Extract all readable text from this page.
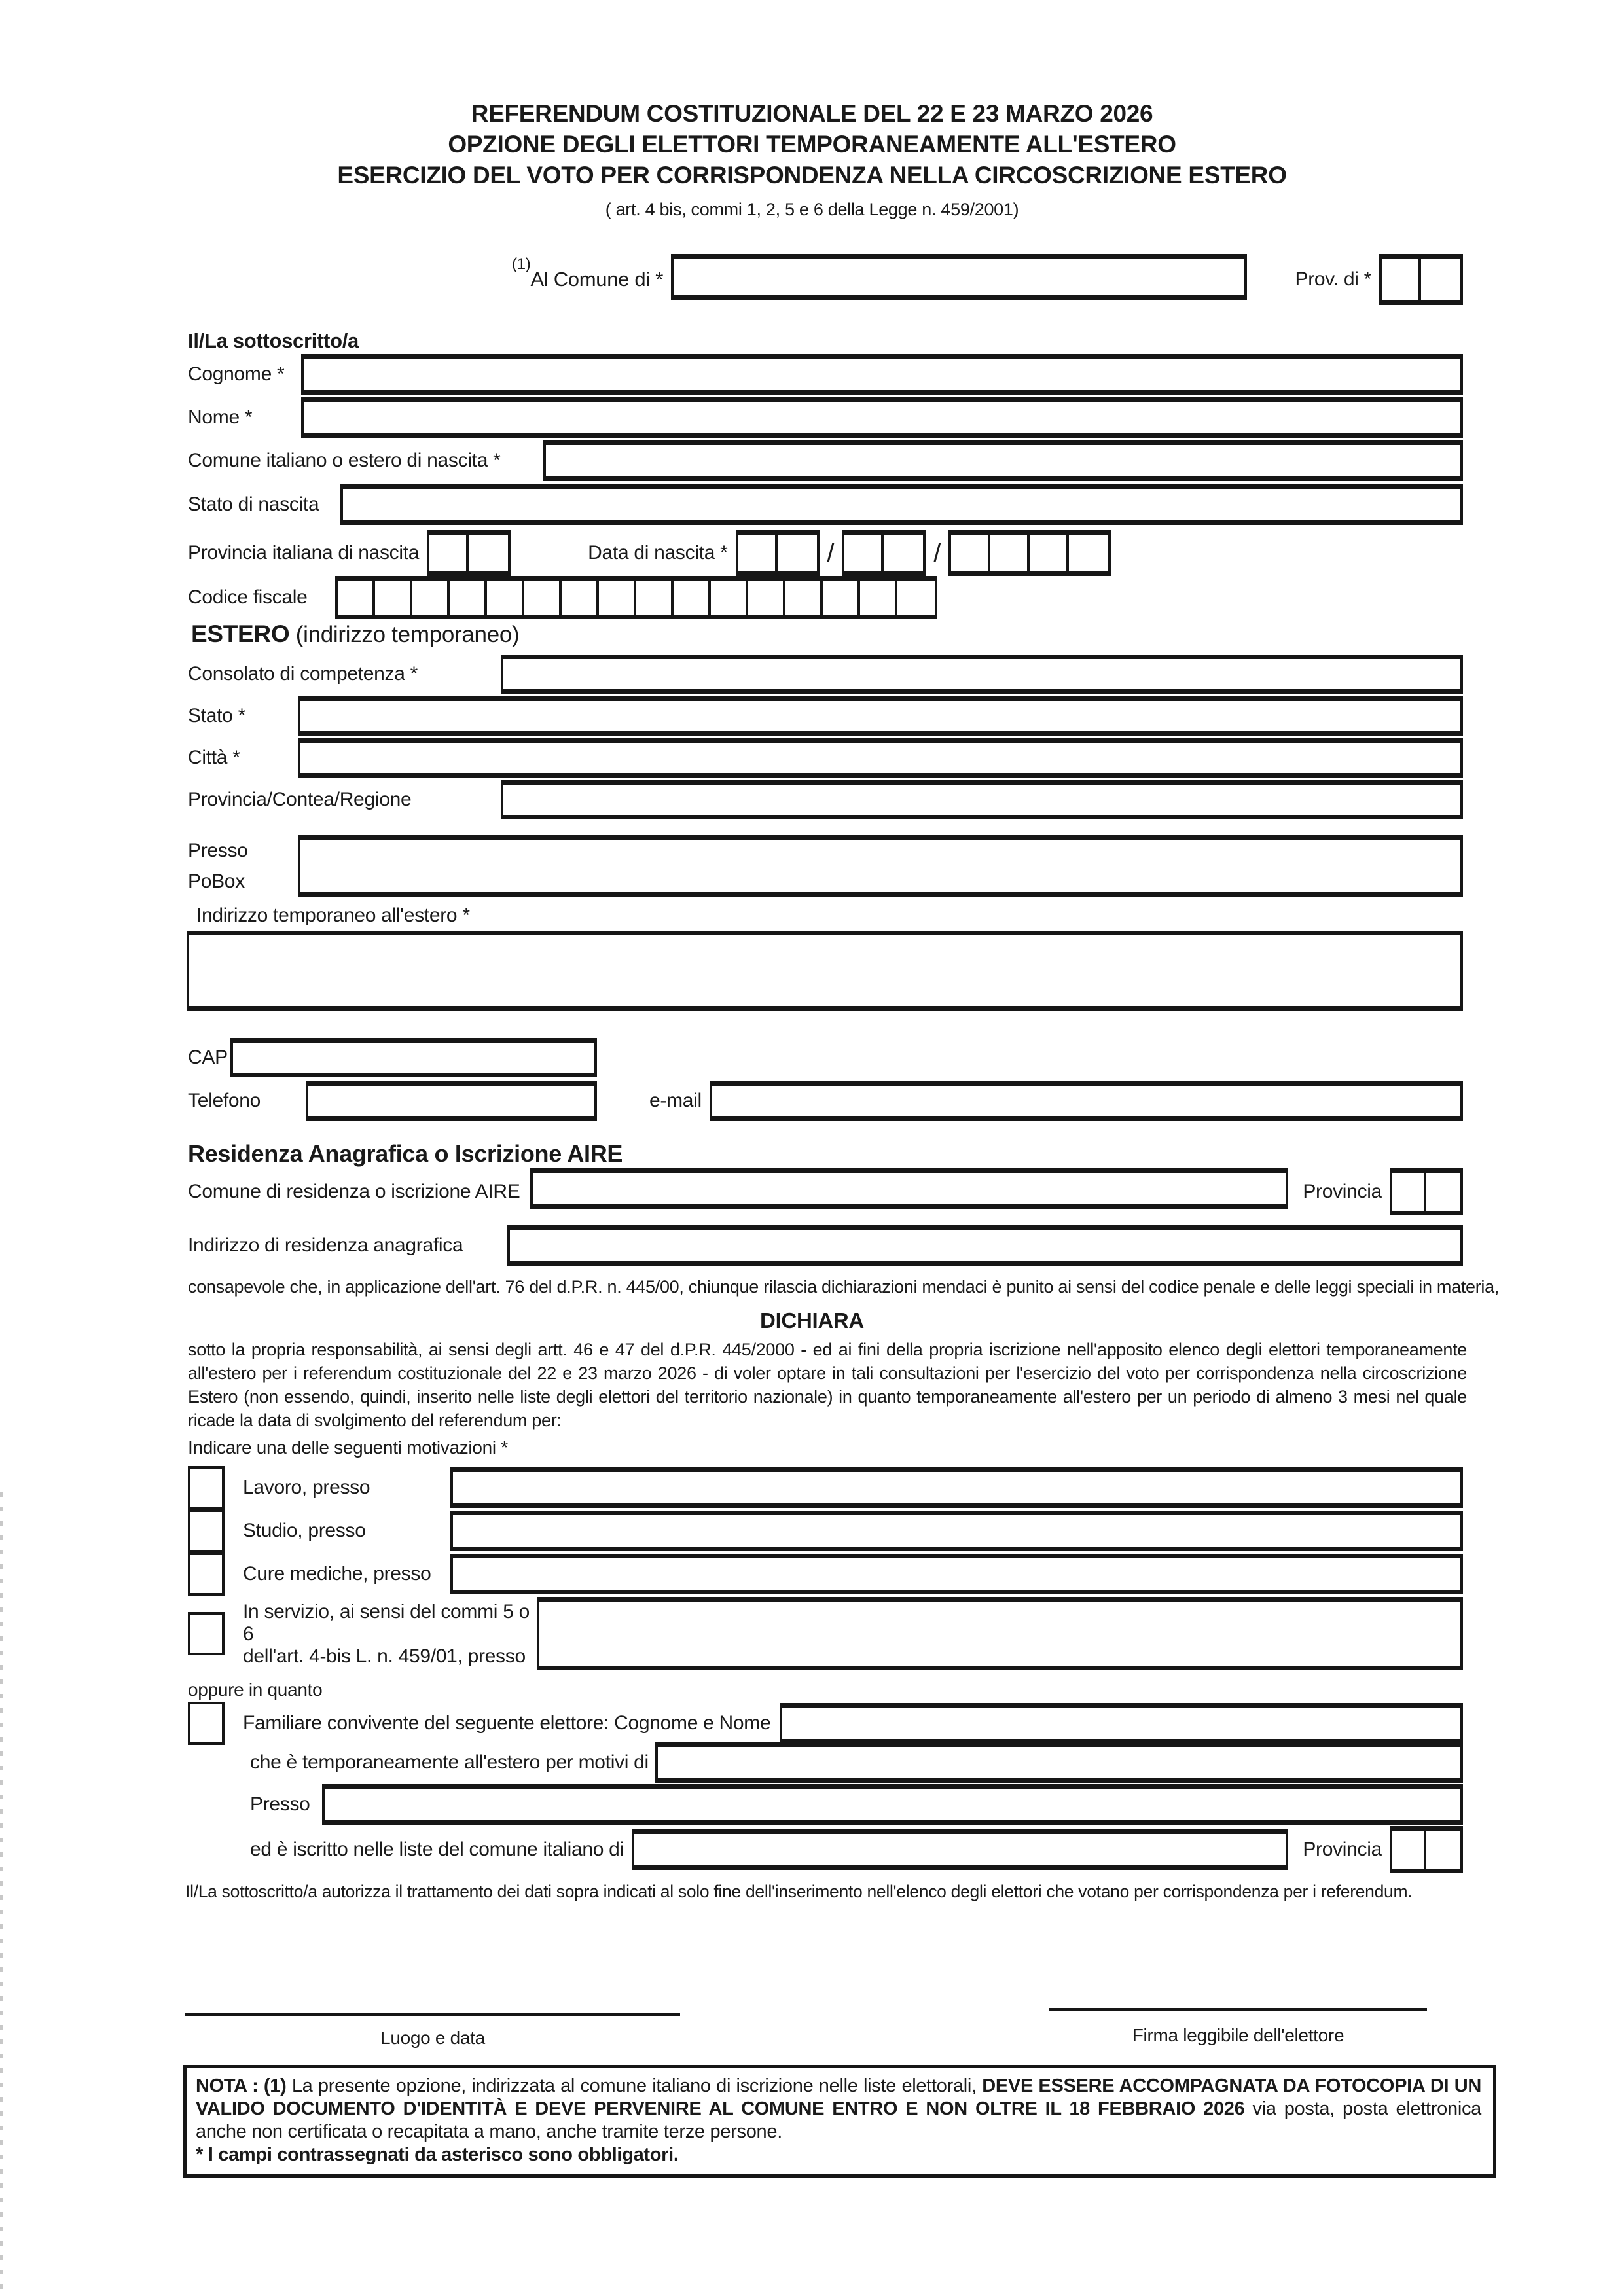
REFERENDUM COSTITUZIONALE DEL 22 E 23 MARZO 2026
OPZIONE DEGLI ELETTORI TEMPORANEAMENTE ALL'ESTERO
ESERCIZIO DEL VOTO PER CORRISPONDENZA NELLA CIRCOSCRIZIONE ESTERO
( art. 4 bis, commi 1, 2, 5 e 6 della Legge n. 459/2001)
(1)
Al Comune di *	Prov. di *
Il/La sottoscritto/a
Cognome *
Nome *
Comune italiano o estero di nascita *
Stato di nascita
Provincia italiana di nascita	Data di nascita *	/	/
Codice fiscale
ESTERO (indirizzo temporaneo)
Consolato di competenza *
Stato *
Città *
Provincia/Contea/Regione
Presso
PoBox
Indirizzo temporaneo all'estero *
CAP
Telefono	e-mail
Residenza Anagrafica o Iscrizione AIRE
Comune di residenza o iscrizione AIRE	Provincia
Indirizzo di residenza anagrafica
consapevole che, in applicazione dell'art. 76 del d.P.R. n. 445/00, chiunque rilascia dichiarazioni mendaci è punito ai sensi del codice penale e delle leggi speciali in materia,
DICHIARA
sotto la propria responsabilità, ai sensi degli artt. 46 e 47 del d.P.R. 445/2000 - ed ai fini della propria iscrizione nell'apposito elenco degli elettori temporaneamente all'estero per i referendum costituzionale del 22 e 23 marzo 2026 - di voler optare in tali consultazioni per l'esercizio del voto per corrispondenza nella circoscrizione Estero (non essendo, quindi, inserito nelle liste degli elettori del territorio nazionale) in quanto temporaneamente all'estero per un periodo di almeno 3 mesi nel quale ricade la data di svolgimento del referendum per:
Indicare una delle seguenti motivazioni *
Lavoro, presso
Studio, presso
Cure mediche, presso
In servizio, ai sensi del commi 5 o 6
dell'art. 4-bis L. n. 459/01, presso
oppure in quanto
Familiare convivente del seguente elettore: Cognome e Nome
che è temporaneamente all'estero per motivi di
Presso
ed è iscritto nelle liste del comune italiano di	Provincia
Il/La sottoscritto/a autorizza il trattamento dei dati sopra indicati al solo fine dell'inserimento nell'elenco degli elettori che votano per corrispondenza per i referendum.
Luogo e data	Firma leggibile dell'elettore
NOTA : (1) La presente opzione, indirizzata al comune italiano di iscrizione nelle liste elettorali, DEVE ESSERE ACCOMPAGNATA DA FOTOCOPIA DI UN VALIDO DOCUMENTO D'IDENTITÀ E DEVE PERVENIRE AL COMUNE ENTRO E NON OLTRE IL 18 FEBBRAIO 2026 via posta, posta elettronica anche non certificata o recapitata a mano, anche tramite terze persone.
* I campi contrassegnati da asterisco sono obbligatori.
